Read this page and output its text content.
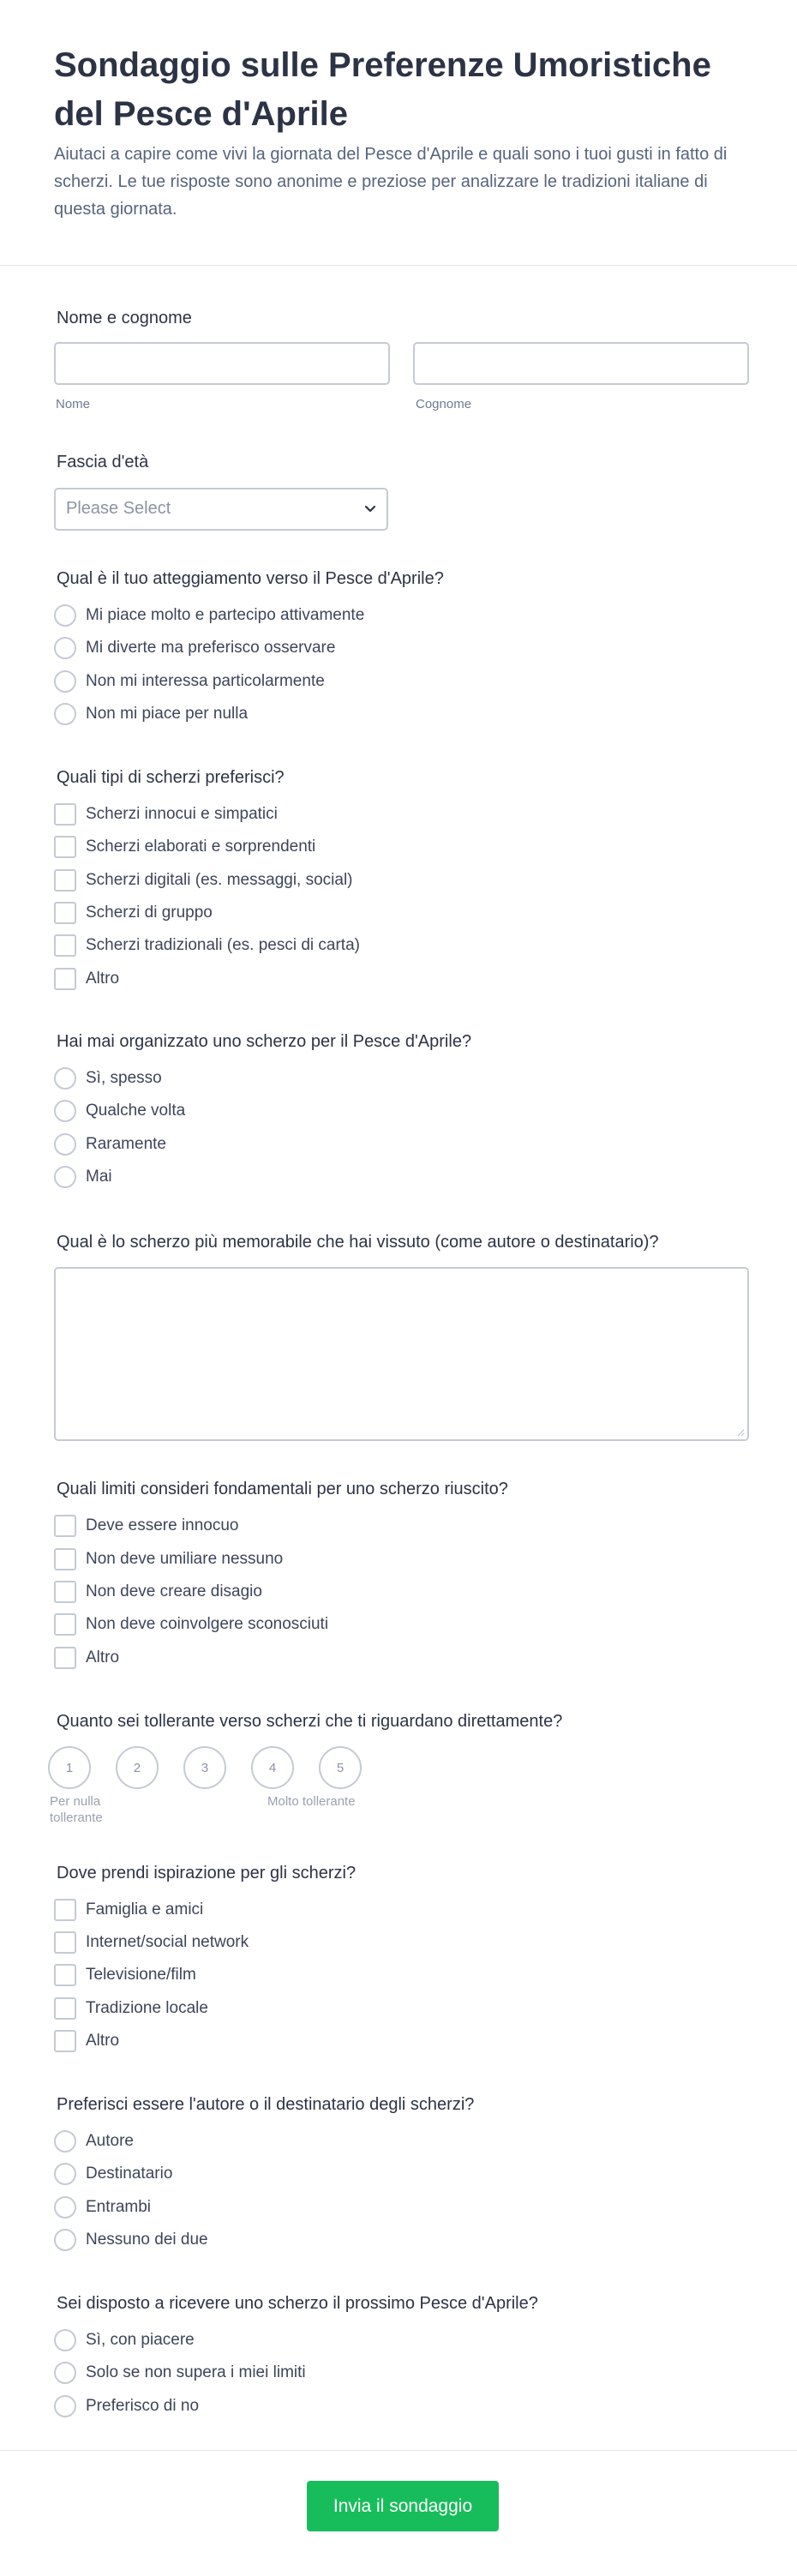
Sondaggio sulle Preferenze Umoristiche del Pesce d'Aprile

Aiutaci a capire come vivi la giornata del Pesce d'Aprile e quali sono i tuoi gusti in fatto di scherzi. Le tue risposte sono anonime e preziose per analizzare le tradizioni italiane di questa giornata.

Nome e cognome
Nome	Cognome
Fascia d'età
Please Select
Qual è il tuo atteggiamento verso il Pesce d'Aprile?
Mi piace molto e partecipo attivamente
Mi diverte ma preferisco osservare
Non mi interessa particolarmente
Non mi piace per nulla
Quali tipi di scherzi preferisci?
Scherzi innocui e simpatici
Scherzi elaborati e sorprendenti
Scherzi digitali (es. messaggi, social)
Scherzi di gruppo
Scherzi tradizionali (es. pesci di carta)
Altro
Hai mai organizzato uno scherzo per il Pesce d'Aprile?
Sì, spesso
Qualche volta
Raramente
Mai
Qual è lo scherzo più memorabile che hai vissuto (come autore o destinatario)?
Quali limiti consideri fondamentali per uno scherzo riuscito?
Deve essere innocuo
Non deve umiliare nessuno
Non deve creare disagio
Non deve coinvolgere sconosciuti
Altro
Quanto sei tollerante verso scherzi che ti riguardano direttamente?
1	2	3	4	5
Per nulla tollerante
Molto tollerante
Dove prendi ispirazione per gli scherzi?
Famiglia e amici
Internet/social network
Televisione/film
Tradizione locale
Altro
Preferisci essere l'autore o il destinatario degli scherzi?
Autore
Destinatario
Entrambi
Nessuno dei due
Sei disposto a ricevere uno scherzo il prossimo Pesce d'Aprile?
Sì, con piacere
Solo se non supera i miei limiti
Preferisco di no
Invia il sondaggio
